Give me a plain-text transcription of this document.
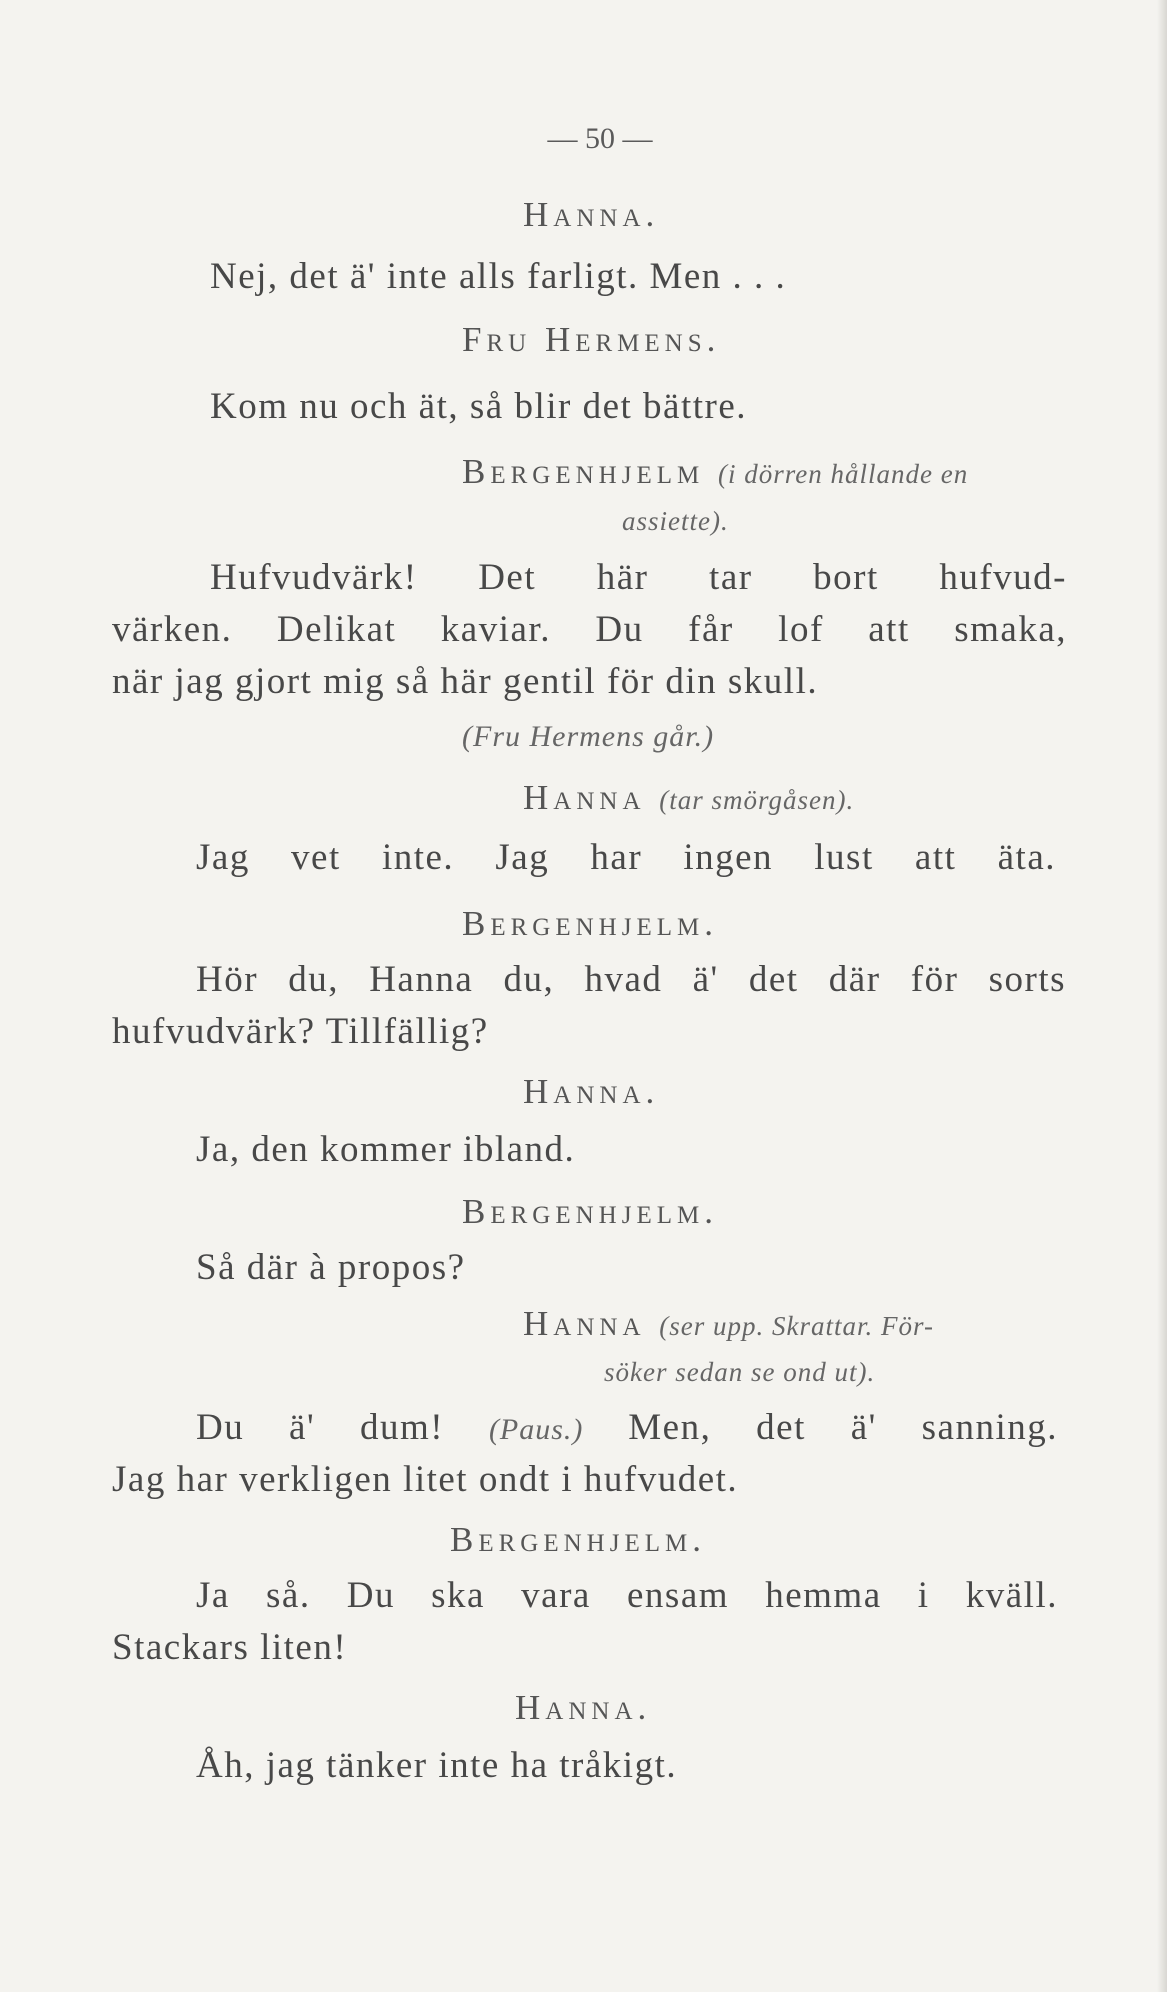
— 50 —
Hanna.
Nej, det ä' inte alls farligt. Men . . .
Fru Hermens.
Kom nu och ät, så blir det bättre.
Bergenhjelm (i dörren hållande en
assiette).
Hufvudvärk! Det här tar bort hufvud-
värken. Delikat kaviar. Du får lof att smaka,
när jag gjort mig så här gentil för din skull.
(Fru Hermens går.)
Hanna (tar smörgåsen).
Jag vet inte. Jag har ingen lust att äta.
Bergenhjelm.
Hör du, Hanna du, hvad ä' det där för sorts
hufvudvärk? Tillfällig?
Hanna.
Ja, den kommer ibland.
Bergenhjelm.
Så där à propos?
Hanna (ser upp. Skrattar. För-
söker sedan se ond ut).
Du ä' dum! (Paus.) Men, det ä' sanning.
Jag har verkligen litet ondt i hufvudet.
Bergenhjelm.
Ja så. Du ska vara ensam hemma i kväll.
Stackars liten!
Hanna.
Åh, jag tänker inte ha tråkigt.
